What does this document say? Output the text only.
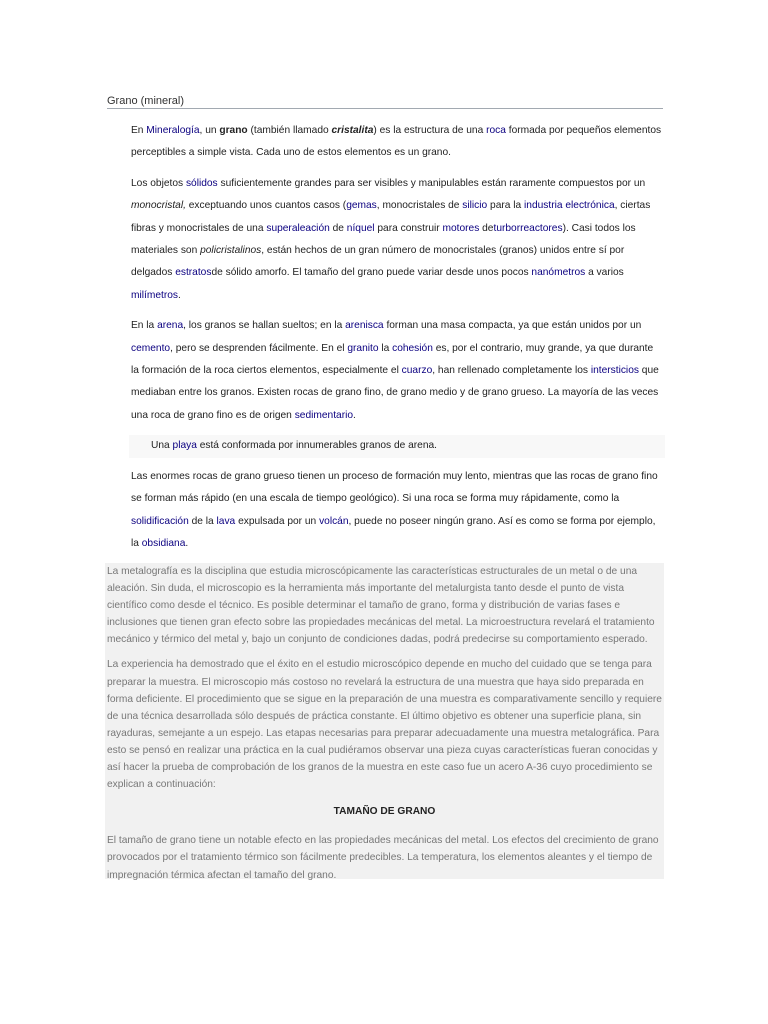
Grano (mineral)

En Mineralogía, un grano (también llamado cristalita) es la estructura de una roca formada por pequeños elementos perceptibles a simple vista. Cada uno de estos elementos es un grano.

Los objetos sólidos suficientemente grandes para ser visibles y manipulables están raramente compuestos por un monocristal, exceptuando unos cuantos casos (gemas, monocristales de silicio para la industria electrónica, ciertas fibras y monocristales de una superaleación de níquel para construir motores deturborreactores). Casi todos los materiales son policristalinos, están hechos de un gran número de monocristales (granos) unidos entre sí por delgados estratosde sólido amorfo. El tamaño del grano puede variar desde unos pocos nanómetros a varios milímetros.

En la arena, los granos se hallan sueltos; en la arenisca forman una masa compacta, ya que están unidos por un cemento, pero se desprenden fácilmente. En el granito la cohesión es, por el contrario, muy grande, ya que durante la formación de la roca ciertos elementos, especialmente el cuarzo, han rellenado completamente los intersticios que mediaban entre los granos. Existen rocas de grano fino, de grano medio y de grano grueso. La mayoría de las veces una roca de grano fino es de origen sedimentario.

Una playa está conformada por innumerables granos de arena.

Las enormes rocas de grano grueso tienen un proceso de formación muy lento, mientras que las rocas de grano fino se forman más rápido (en una escala de tiempo geológico). Si una roca se forma muy rápidamente, como la solidificación de la lava expulsada por un volcán, puede no poseer ningún grano. Así es como se forma por ejemplo, la obsidiana.

La metalografía es la disciplina que estudia microscópicamente las características estructurales de un metal o de una aleación. Sin duda, el microscopio es la herramienta más importante del metalurgista tanto desde el punto de vista científico como desde el técnico. Es posible determinar el tamaño de grano, forma y distribución de varias fases e inclusiones que tienen gran efecto sobre las propiedades mecánicas del metal. La microestructura revelará el tratamiento mecánico y térmico del metal y, bajo un conjunto de condiciones dadas, podrá predecirse su comportamiento esperado.

La experiencia ha demostrado que el éxito en el estudio microscópico depende en mucho del cuidado que se tenga para preparar la muestra. El microscopio más costoso no revelará la estructura de una muestra que haya sido preparada en forma deficiente. El procedimiento que se sigue en la preparación de una muestra es comparativamente sencillo y requiere de una técnica desarrollada sólo después de práctica constante. El último objetivo es obtener una superficie plana, sin rayaduras, semejante a un espejo. Las etapas necesarias para preparar adecuadamente una muestra metalográfica. Para esto se pensó en realizar una práctica en la cual pudiéramos observar una pieza cuyas características fueran conocidas y así hacer la prueba de comprobación de los granos de la muestra en este caso fue un acero A-36 cuyo procedimiento se explican a continuación:

TAMAÑO DE GRANO

El tamaño de grano tiene un notable efecto en las propiedades mecánicas del metal. Los efectos del crecimiento de grano provocados por el tratamiento térmico son fácilmente predecibles. La temperatura, los elementos aleantes y el tiempo de impregnación térmica afectan el tamaño del grano.
